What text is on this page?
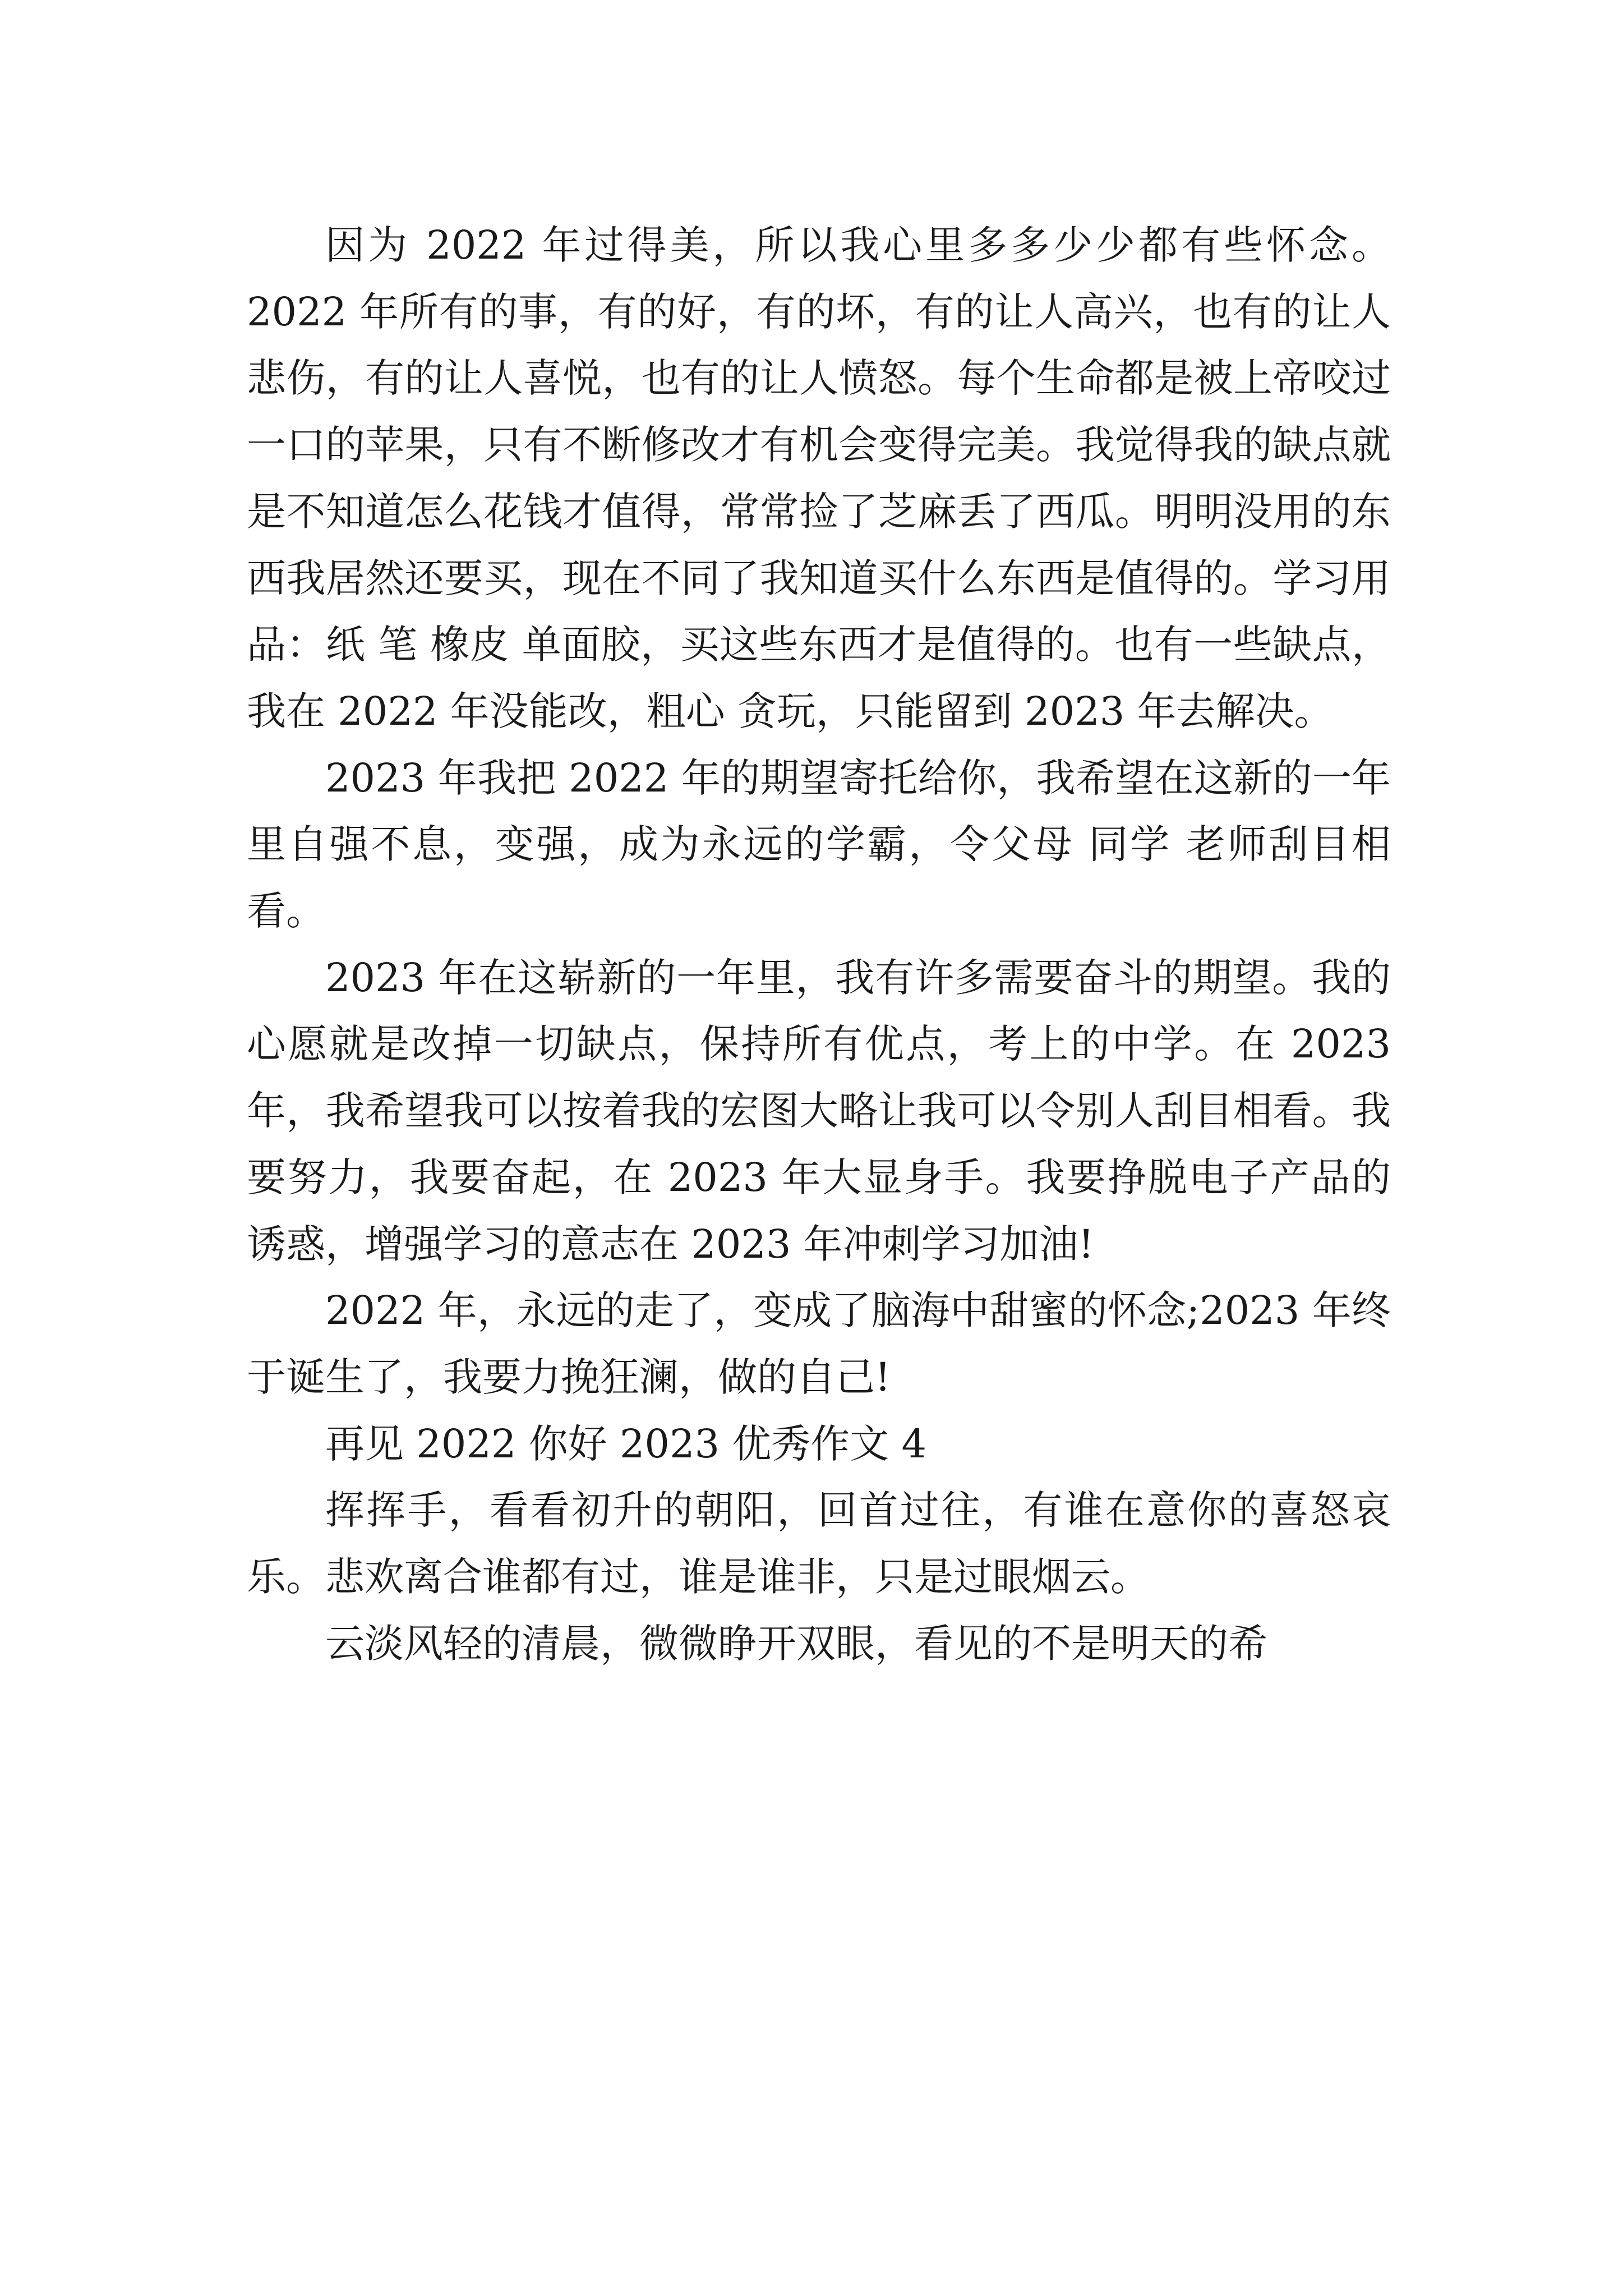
因为 2022 年过得美，所以我心里多多少少都有些怀念。2022 年所有的事，有的好，有的坏，有的让人高兴，也有的让人悲伤，有的让人喜悦，也有的让人愤怒。每个生命都是被上帝咬过一口的苹果，只有不断修改才有机会变得完美。我觉得我的缺点就是不知道怎么花钱才值得，常常捡了芝麻丢了西瓜。明明没用的东西我居然还要买，现在不同了我知道买什么东西是值得的。学习用品：纸 笔 橡皮 单面胶，买这些东西才是值得的。也有一些缺点，我在 2022 年没能改，粗心 贪玩，只能留到 2023 年去解决。

2023 年我把 2022 年的期望寄托给你，我希望在这新的一年里自强不息，变强，成为永远的学霸，令父母 同学 老师刮目相看。

2023 年在这崭新的一年里，我有许多需要奋斗的期望。我的心愿就是改掉一切缺点，保持所有优点，考上的中学。在 2023 年，我希望我可以按着我的宏图大略让我可以令别人刮目相看。我要努力，我要奋起，在 2023 年大显身手。我要挣脱电子产品的诱惑，增强学习的意志在 2023 年冲刺学习加油!

2022 年，永远的走了，变成了脑海中甜蜜的怀念;2023 年终于诞生了，我要力挽狂澜，做的自己!

再见 2022 你好 2023 优秀作文 4

挥挥手，看看初升的朝阳，回首过往，有谁在意你的喜怒哀乐。悲欢离合谁都有过，谁是谁非，只是过眼烟云。

云淡风轻的清晨，微微睁开双眼，看见的不是明天的希
